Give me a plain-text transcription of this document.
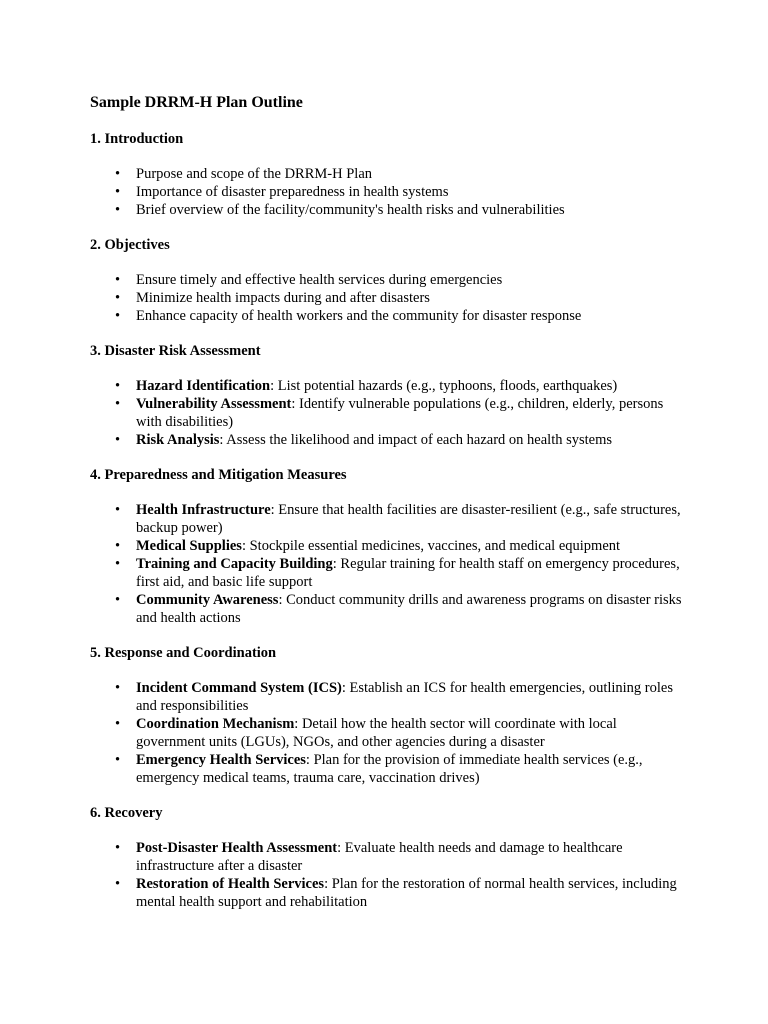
Sample DRRM-H Plan Outline
1. Introduction
• Purpose and scope of the DRRM-H Plan
• Importance of disaster preparedness in health systems
• Brief overview of the facility/community's health risks and vulnerabilities
2. Objectives
• Ensure timely and effective health services during emergencies
• Minimize health impacts during and after disasters
• Enhance capacity of health workers and the community for disaster response
3. Disaster Risk Assessment
• Hazard Identification: List potential hazards (e.g., typhoons, floods, earthquakes)
• Vulnerability Assessment: Identify vulnerable populations (e.g., children, elderly, persons with disabilities)
• Risk Analysis: Assess the likelihood and impact of each hazard on health systems
4. Preparedness and Mitigation Measures
• Health Infrastructure: Ensure that health facilities are disaster-resilient (e.g., safe structures, backup power)
• Medical Supplies: Stockpile essential medicines, vaccines, and medical equipment
• Training and Capacity Building: Regular training for health staff on emergency procedures, first aid, and basic life support
• Community Awareness: Conduct community drills and awareness programs on disaster risks and health actions
5. Response and Coordination
• Incident Command System (ICS): Establish an ICS for health emergencies, outlining roles and responsibilities
• Coordination Mechanism: Detail how the health sector will coordinate with local government units (LGUs), NGOs, and other agencies during a disaster
• Emergency Health Services: Plan for the provision of immediate health services (e.g., emergency medical teams, trauma care, vaccination drives)
6. Recovery
• Post-Disaster Health Assessment: Evaluate health needs and damage to healthcare infrastructure after a disaster
• Restoration of Health Services: Plan for the restoration of normal health services, including mental health support and rehabilitation
